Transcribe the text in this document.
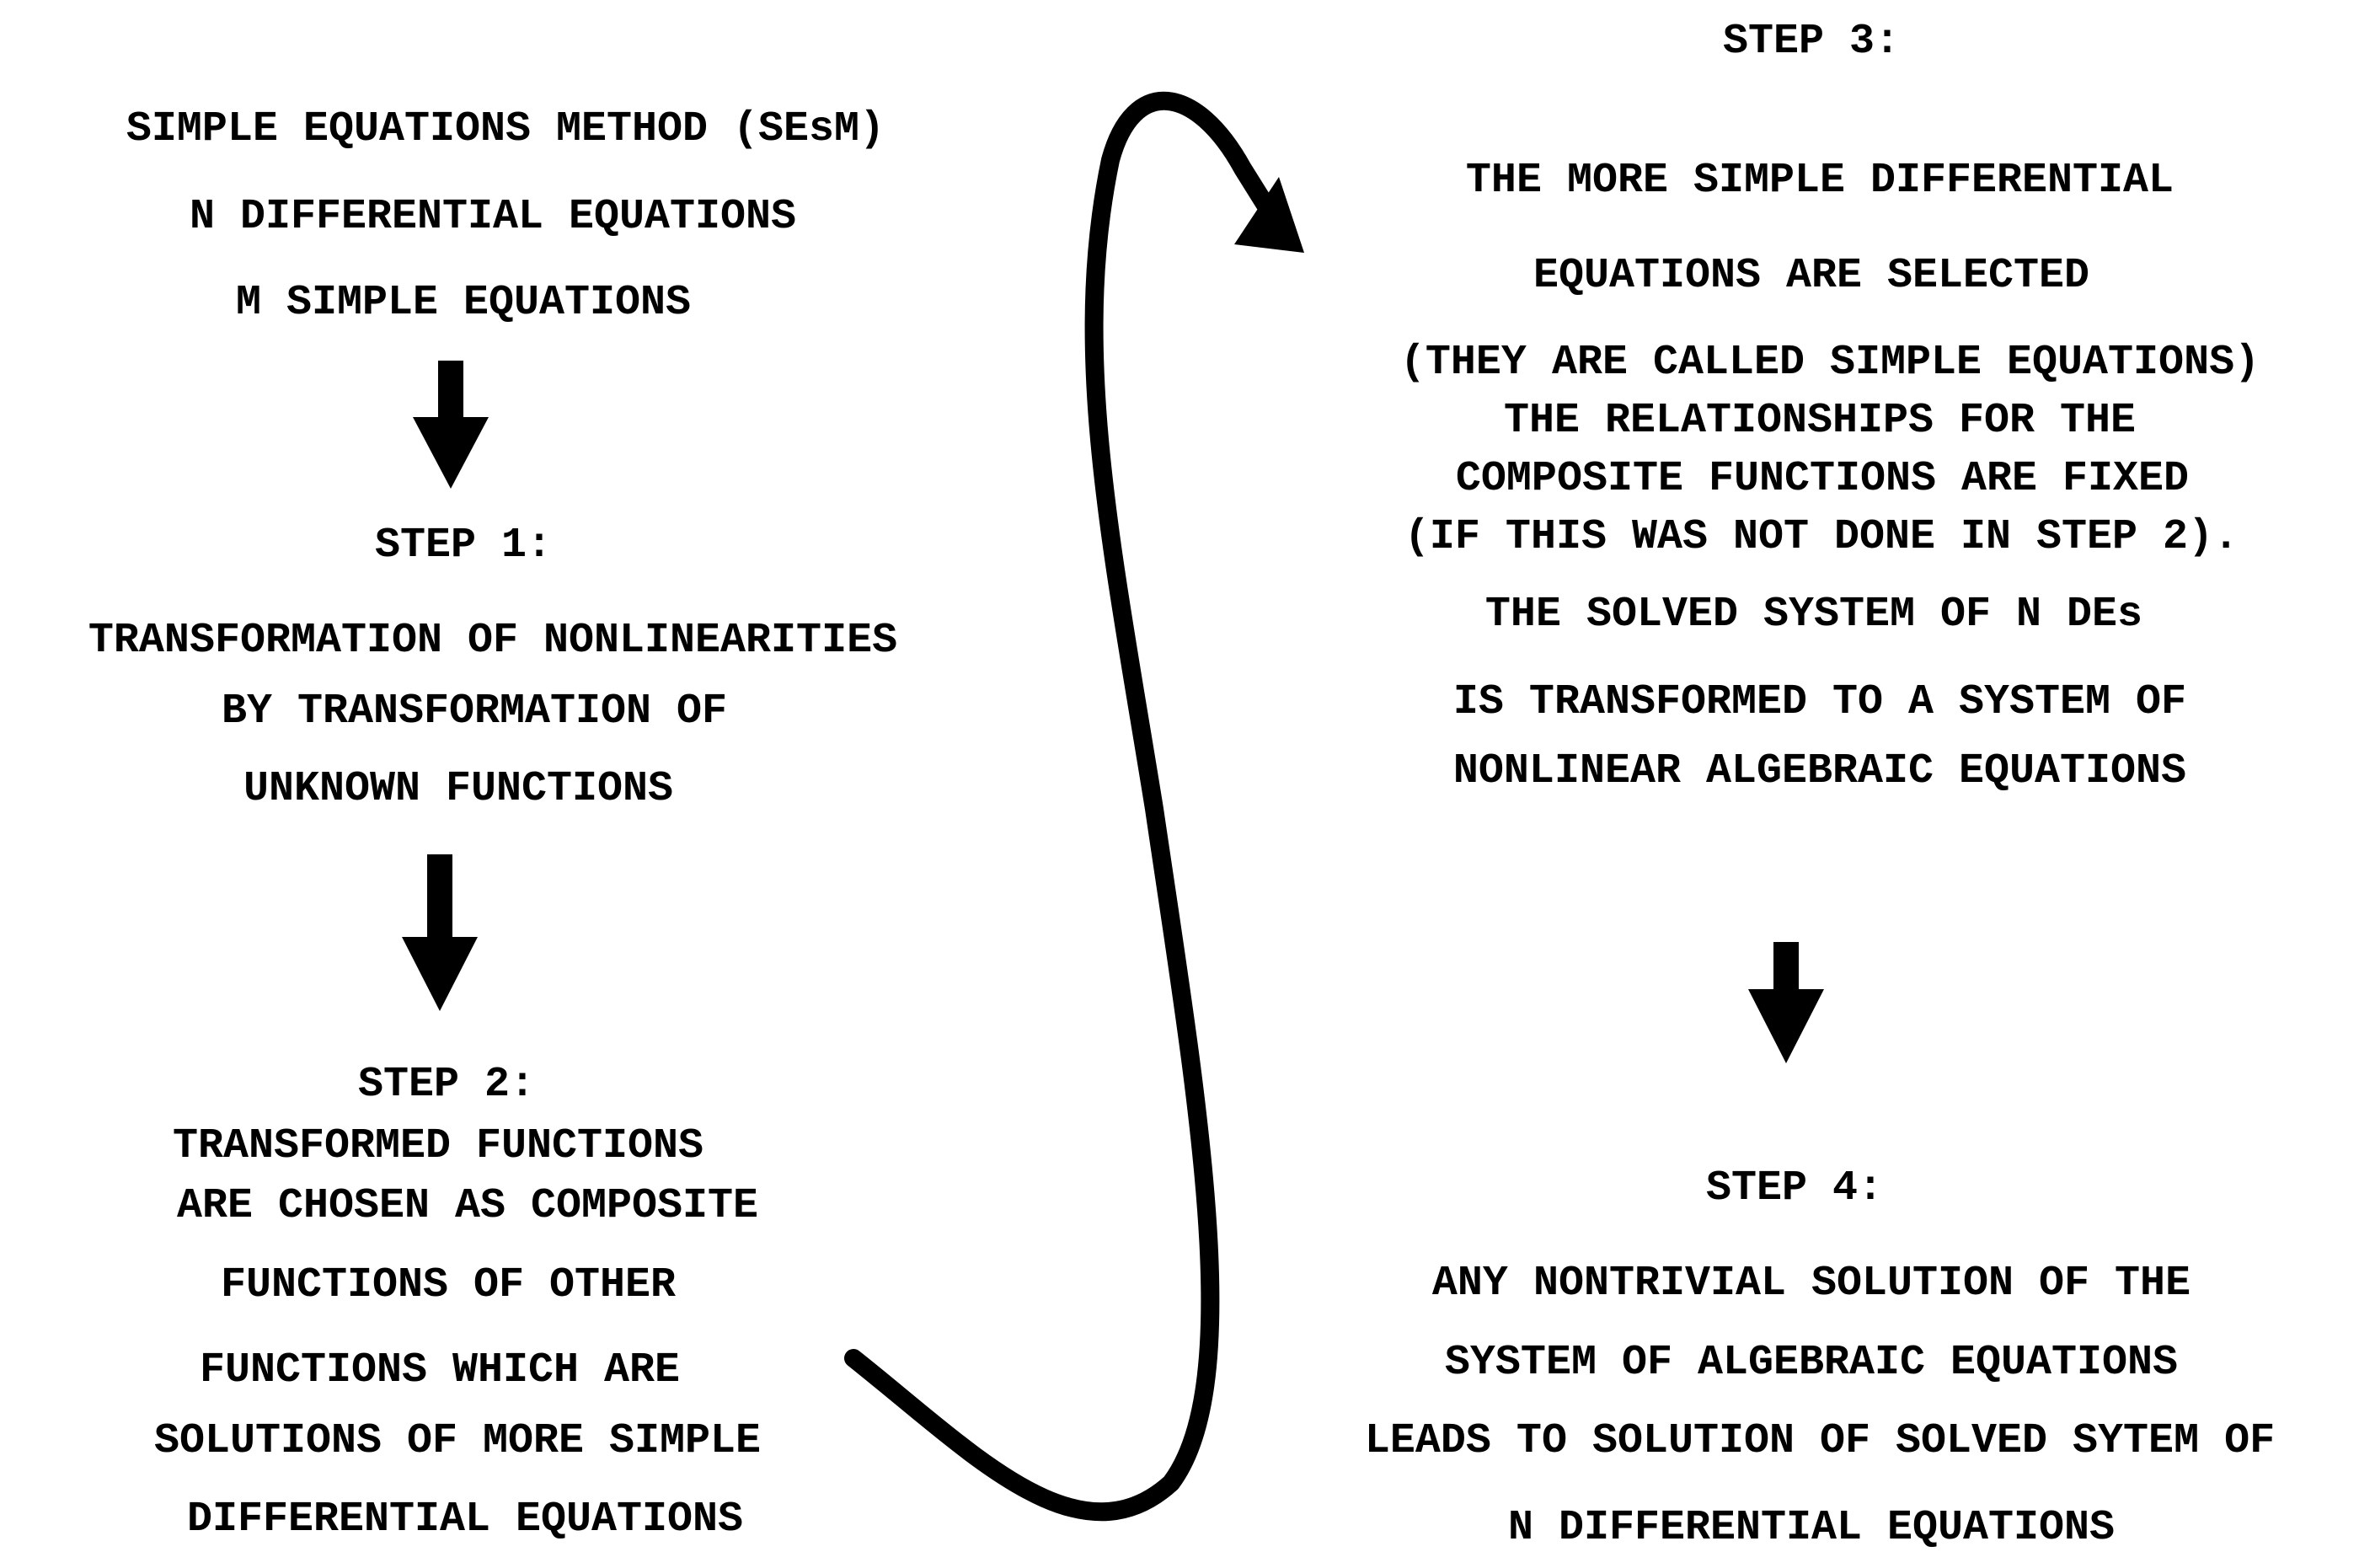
SIMPLE EQUATIONS METHOD (SEsM)
N DIFFERENTIAL EQUATIONS
M SIMPLE EQUATIONS
STEP 1:
TRANSFORMATION OF NONLINEARITIES
BY TRANSFORMATION OF
UNKNOWN FUNCTIONS
STEP 2:
TRANSFORMED FUNCTIONS
ARE CHOSEN AS COMPOSITE
FUNCTIONS OF OTHER
FUNCTIONS WHICH ARE
SOLUTIONS OF MORE SIMPLE
DIFFERENTIAL EQUATIONS
STEP 3:
THE MORE SIMPLE DIFFERENTIAL
EQUATIONS ARE SELECTED
(THEY ARE CALLED SIMPLE EQUATIONS)
THE RELATIONSHIPS FOR THE
COMPOSITE FUNCTIONS ARE FIXED
(IF THIS WAS NOT DONE IN STEP 2).
THE SOLVED SYSTEM OF N DEs
IS TRANSFORMED TO A SYSTEM OF
NONLINEAR ALGEBRAIC EQUATIONS
STEP 4:
ANY NONTRIVIAL SOLUTION OF THE
SYSTEM OF ALGEBRAIC EQUATIONS
LEADS TO SOLUTION OF SOLVED SYTEM OF
N DIFFERENTIAL EQUATIONS
